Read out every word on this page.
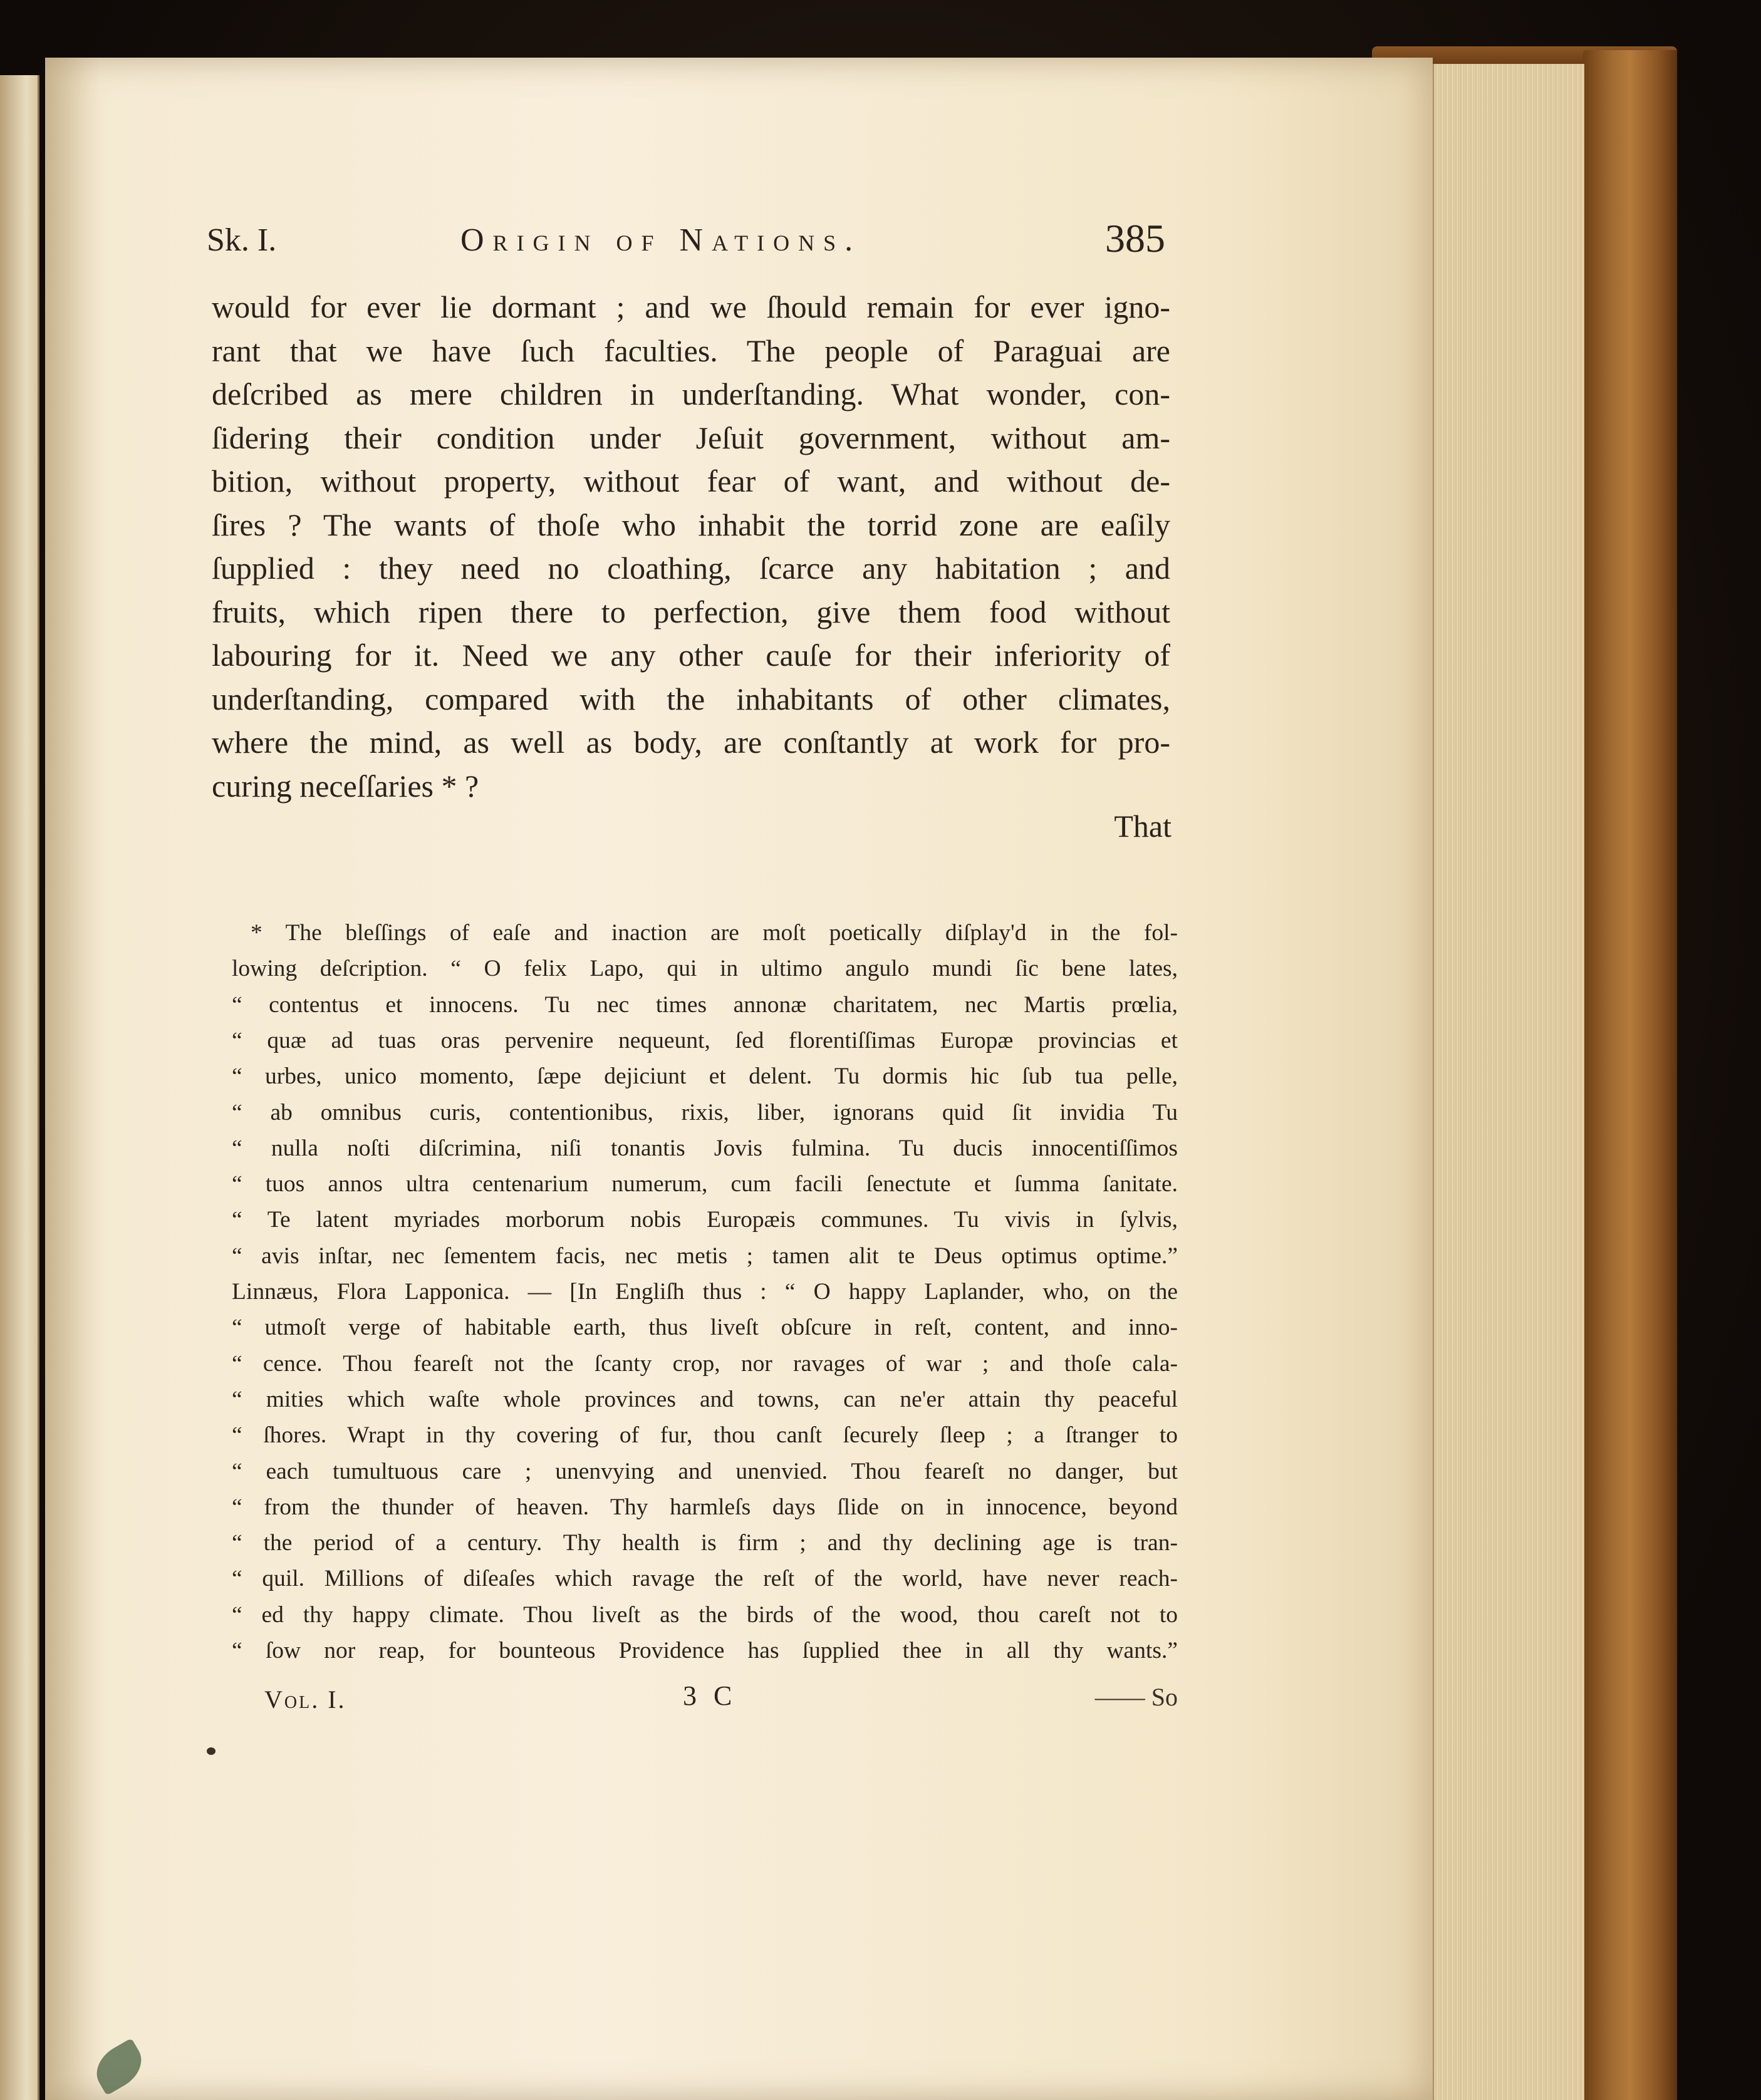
Sk. I.	Origin of Nations.	385
would for ever lie dormant ; and we ſhould remain for ever igno-
rant that we have ſuch faculties. The people of Paraguai are
deſcribed as mere children in underſtanding. What wonder, con-
ſidering their condition under Jeſuit government, without am-
bition, without property, without fear of want, and without de-
ſires ? The wants of thoſe who inhabit the torrid zone are eaſily
ſupplied : they need no cloathing, ſcarce any habitation ; and
fruits, which ripen there to perfection, give them food without
labouring for it. Need we any other cauſe for their inferiority of
underſtanding, compared with the inhabitants of other climates,
where the mind, as well as body, are conſtantly at work for pro-
curing neceſſaries * ?
That
* The bleſſings of eaſe and inaction are moſt poetically diſplay'd in the fol-
lowing deſcription. “ O felix Lapo, qui in ultimo angulo mundi ſic bene lates,
“ contentus et innocens. Tu nec times annonæ charitatem, nec Martis prœlia,
“ quæ ad tuas oras pervenire nequeunt, ſed florentiſſimas Europæ provincias et
“ urbes, unico momento, ſæpe dejiciunt et delent. Tu dormis hic ſub tua pelle,
“ ab omnibus curis, contentionibus, rixis, liber, ignorans quid ſit invidia Tu
“ nulla noſti diſcrimina, niſi tonantis Jovis fulmina. Tu ducis innocentiſſimos
“ tuos annos ultra centenarium numerum, cum facili ſenectute et ſumma ſanitate.
“ Te latent myriades morborum nobis Europæis communes. Tu vivis in ſylvis,
“ avis inſtar, nec ſementem facis, nec metis ; tamen alit te Deus optimus optime.”
Linnæus, Flora Lapponica. — [In Engliſh thus : “ O happy Laplander, who, on the
“ utmoſt verge of habitable earth, thus liveſt obſcure in reſt, content, and inno-
“ cence. Thou feareſt not the ſcanty crop, nor ravages of war ; and thoſe cala-
“ mities which waſte whole provinces and towns, can ne'er attain thy peaceful
“ ſhores. Wrapt in thy covering of fur, thou canſt ſecurely ſleep ; a ſtranger to
“ each tumultuous care ; unenvying and unenvied. Thou feareſt no danger, but
“ from the thunder of heaven. Thy harmleſs days ſlide on in innocence, beyond
“ the period of a century. Thy health is firm ; and thy declining age is tran-
“ quil. Millions of diſeaſes which ravage the reſt of the world, have never reach-
“ ed thy happy climate. Thou liveſt as the birds of the wood, thou careſt not to
“ ſow nor reap, for bounteous Providence has ſupplied thee in all thy wants.”
Vol. I.	3 C	—— So
